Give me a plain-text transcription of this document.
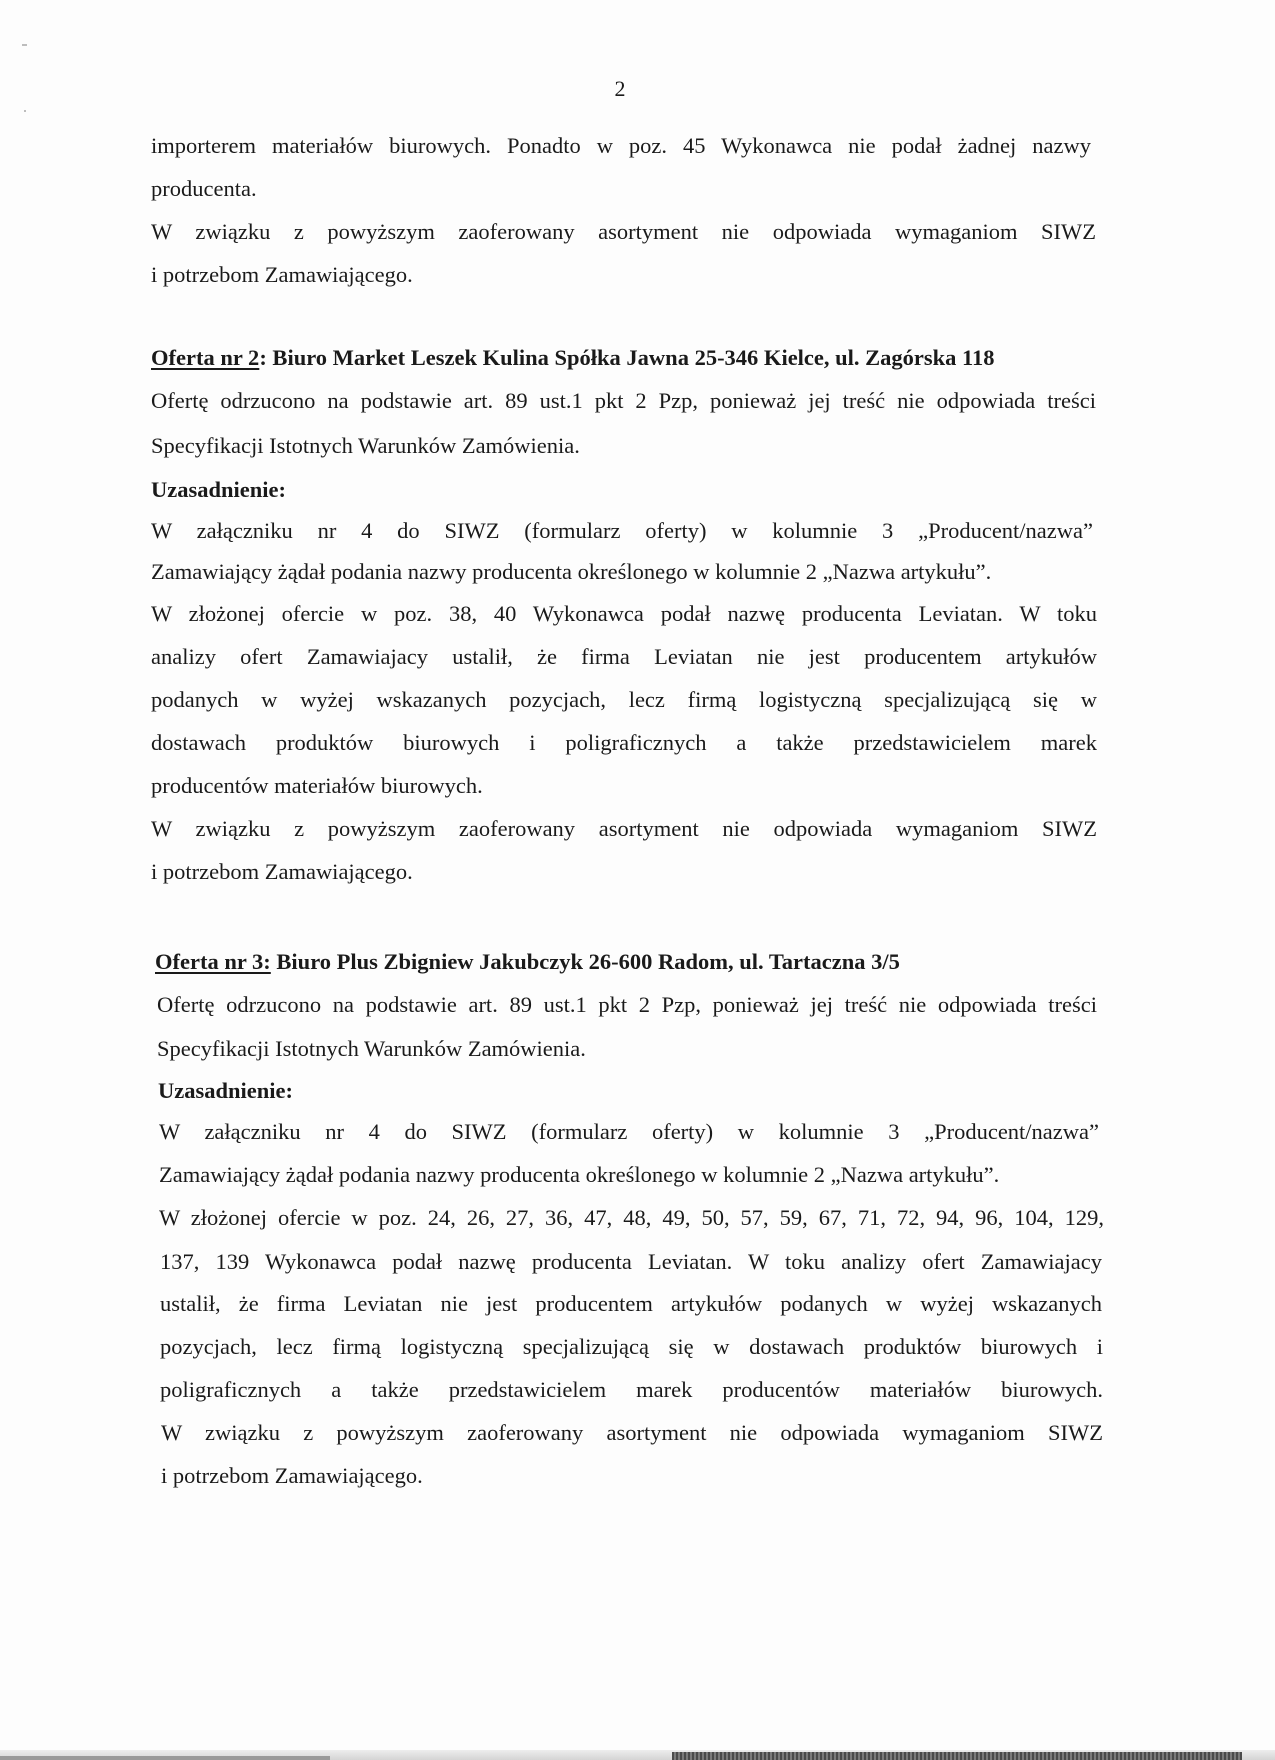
2
importerem materiałów biurowych. Ponadto w poz. 45 Wykonawca nie podał żadnej nazwy
producenta.
W związku z powyższym zaoferowany asortyment nie odpowiada wymaganiom SIWZ
i potrzebom Zamawiającego.
Oferta nr 2: Biuro Market Leszek Kulina Spółka Jawna 25-346 Kielce, ul. Zagórska 118
Ofertę odrzucono na podstawie art. 89 ust.1 pkt 2 Pzp, ponieważ jej treść nie odpowiada treści
Specyfikacji Istotnych Warunków Zamówienia.
Uzasadnienie:
W załączniku nr 4 do SIWZ (formularz oferty) w kolumnie 3 „Producent/nazwa”
Zamawiający żądał podania nazwy producenta określonego w kolumnie 2 „Nazwa artykułu”.
W złożonej ofercie w poz. 38, 40 Wykonawca podał nazwę producenta Leviatan. W toku
analizy ofert Zamawiajacy ustalił, że firma Leviatan nie jest producentem artykułów
podanych w wyżej wskazanych pozycjach, lecz firmą logistyczną specjalizującą się w
dostawach produktów biurowych i poligraficznych a także przedstawicielem marek
producentów materiałów biurowych.
W związku z powyższym zaoferowany asortyment nie odpowiada wymaganiom SIWZ
i potrzebom Zamawiającego.
Oferta nr 3: Biuro Plus Zbigniew Jakubczyk 26-600 Radom, ul. Tartaczna 3/5
Ofertę odrzucono na podstawie art. 89 ust.1 pkt 2 Pzp, ponieważ jej treść nie odpowiada treści
Specyfikacji Istotnych Warunków Zamówienia.
Uzasadnienie:
W załączniku nr 4 do SIWZ (formularz oferty) w kolumnie 3 „Producent/nazwa”
Zamawiający żądał podania nazwy producenta określonego w kolumnie 2 „Nazwa artykułu”.
W złożonej ofercie w poz. 24, 26, 27, 36, 47, 48, 49, 50, 57, 59, 67, 71, 72, 94, 96, 104, 129,
137, 139 Wykonawca podał nazwę producenta Leviatan. W toku analizy ofert Zamawiajacy
ustalił, że firma Leviatan nie jest producentem artykułów podanych w wyżej wskazanych
pozycjach, lecz firmą logistyczną specjalizującą się w dostawach produktów biurowych i
poligraficznych a także przedstawicielem marek producentów materiałów biurowych.
W związku z powyższym zaoferowany asortyment nie odpowiada wymaganiom SIWZ
i potrzebom Zamawiającego.
